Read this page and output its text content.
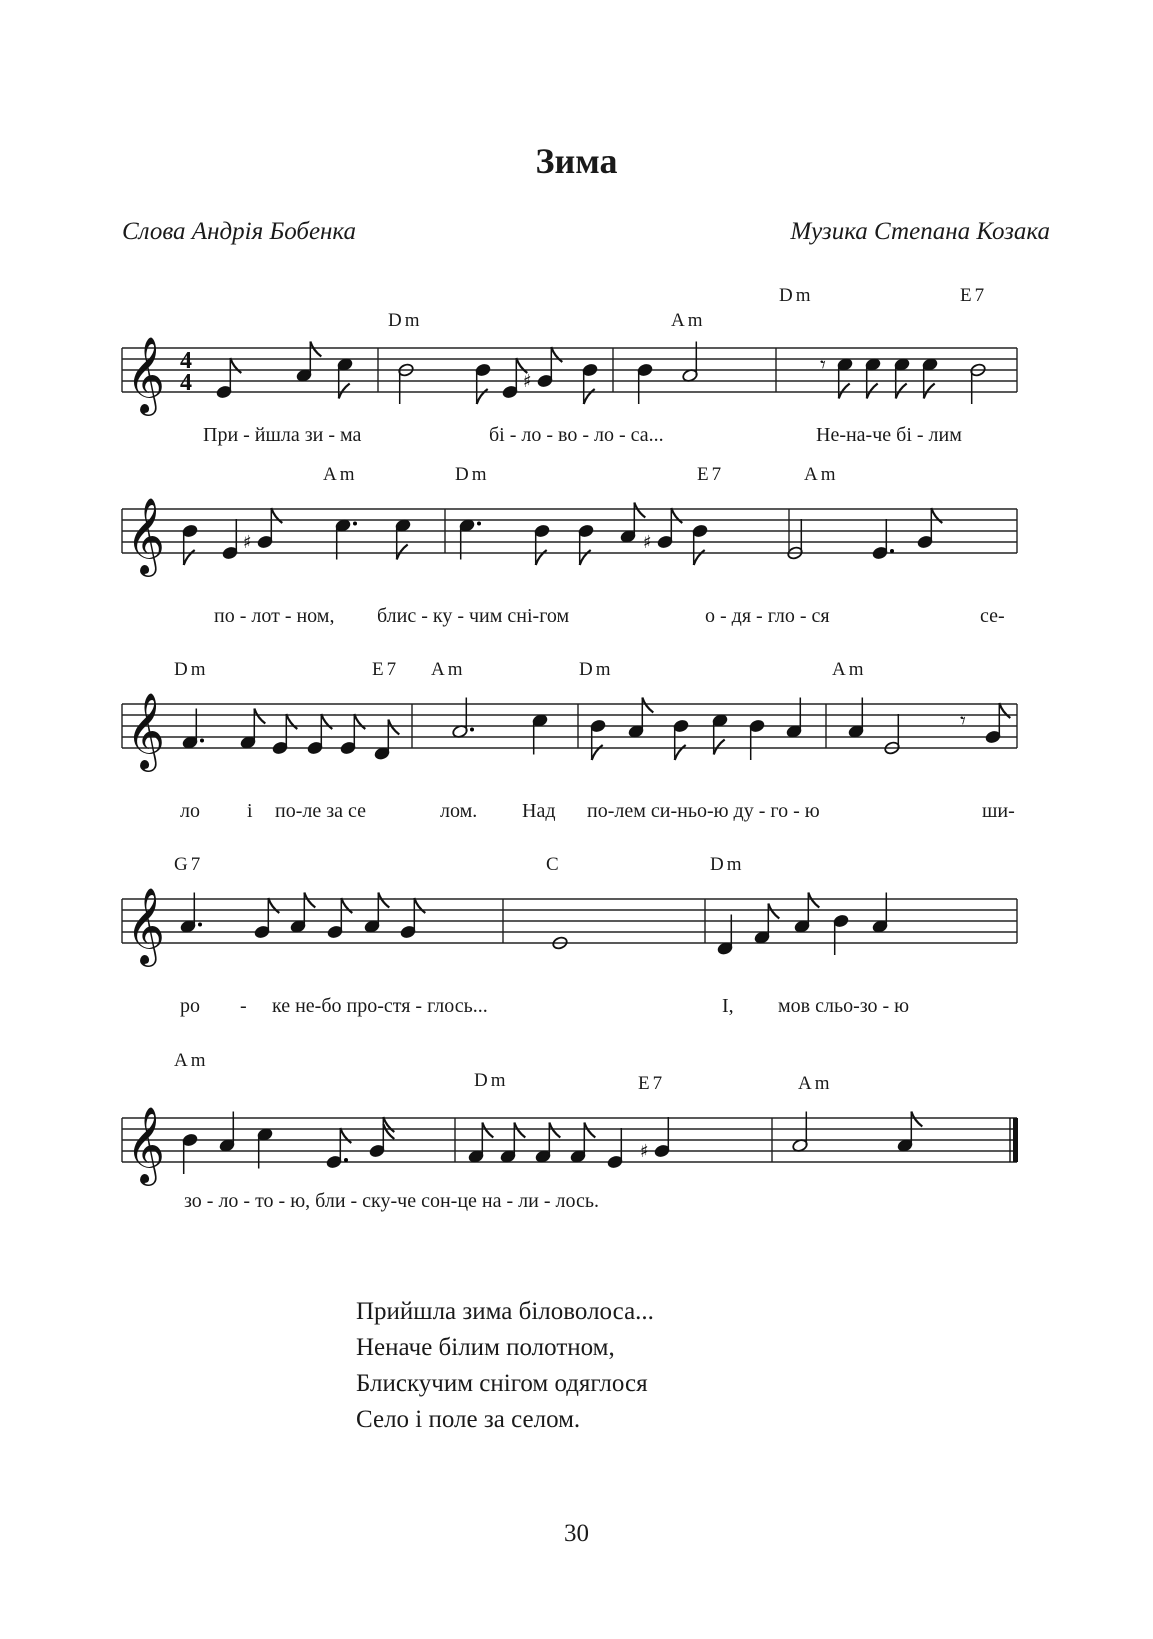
Зима
Слова Андрія Бобенка	Музика Степана Козака
Dm	Am
Dm	E7
𝄞 4
4	♯
𝄾
При - йшла зи - ма	бі - ло - во - ло - са...	Не-на-че бі - лим
Am	Dm	E7	Am
𝄞	♯	♯
по - лот - ном, блис - ку - чим сні-гом	о - дя - гло - ся	се-
Dm	E7 Am	Dm	Am
𝄞	𝄾
ло і по-ле за се	лом. Над по-лем си-ньо-ю ду - го - ю	ши-
G7	C	Dm
𝄞
ро - ке не-бо про-стя - глось...	І, мов сльо-зо - ю
Am
Dm	E7	Am
𝄞	♯
зо - ло - то - ю, бли - ску-че сон-це на - ли - лось.
Прийшла зима біловолоса...
Неначе білим полотном,
Блискучим снігом одяглося
Село і поле за селом.
30
